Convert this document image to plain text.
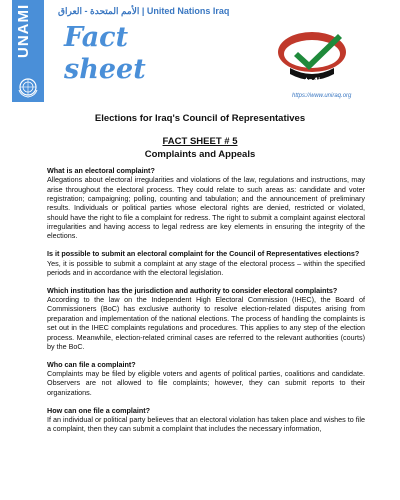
UNAMI	الأمم المتحدة - العراق | United Nations Iraq
Fact
sheet	#vote4iraq
https://www.uniraq.org
Elections for Iraq's Council of Representatives
FACT SHEET # 5
Complaints and Appeals

What is an electoral complaint?

Allegations about electoral irregularities and violations of the law, regulations and instructions, may arise throughout the electoral process. They could relate to such areas as: candidate and voter registration; campaigning; polling, counting and tabulation; and the announcement of preliminary results. Individuals or political parties whose electoral rights are denied, restricted or violated, should have the right to file a complaint for redress. The right to submit a complaint against electoral irregularities and having access to legal redress are key elements in ensuring the integrity of the elections.

Is it possible to submit an electoral complaint for the Council of Representatives elections?

Yes, it is possible to submit a complaint at any stage of the electoral process – within the specified periods and in accordance with the electoral legislation.

Which institution has the jurisdiction and authority to consider electoral complaints?

According to the law on the Independent High Electoral Commission (IHEC), the Board of Commissioners (BoC) has exclusive authority to resolve election-related disputes arising from preparation and implementation of the national elections. The process of handling the complaints is set out in the IHEC complaints regulations and procedures. This applies to any step of the election process. Meanwhile, election-related criminal cases are referred to the relevant authorities (courts) by the BoC.

Who can file a complaint?

Complaints may be filed by eligible voters and agents of political parties, coalitions and candidate. Observers are not allowed to file complaints; however, they can submit reports to their organizations.

How can one file a complaint?

If an individual or political party believes that an electoral violation has taken place and wishes to file a complaint, then they can submit a complaint that includes the necessary information,
